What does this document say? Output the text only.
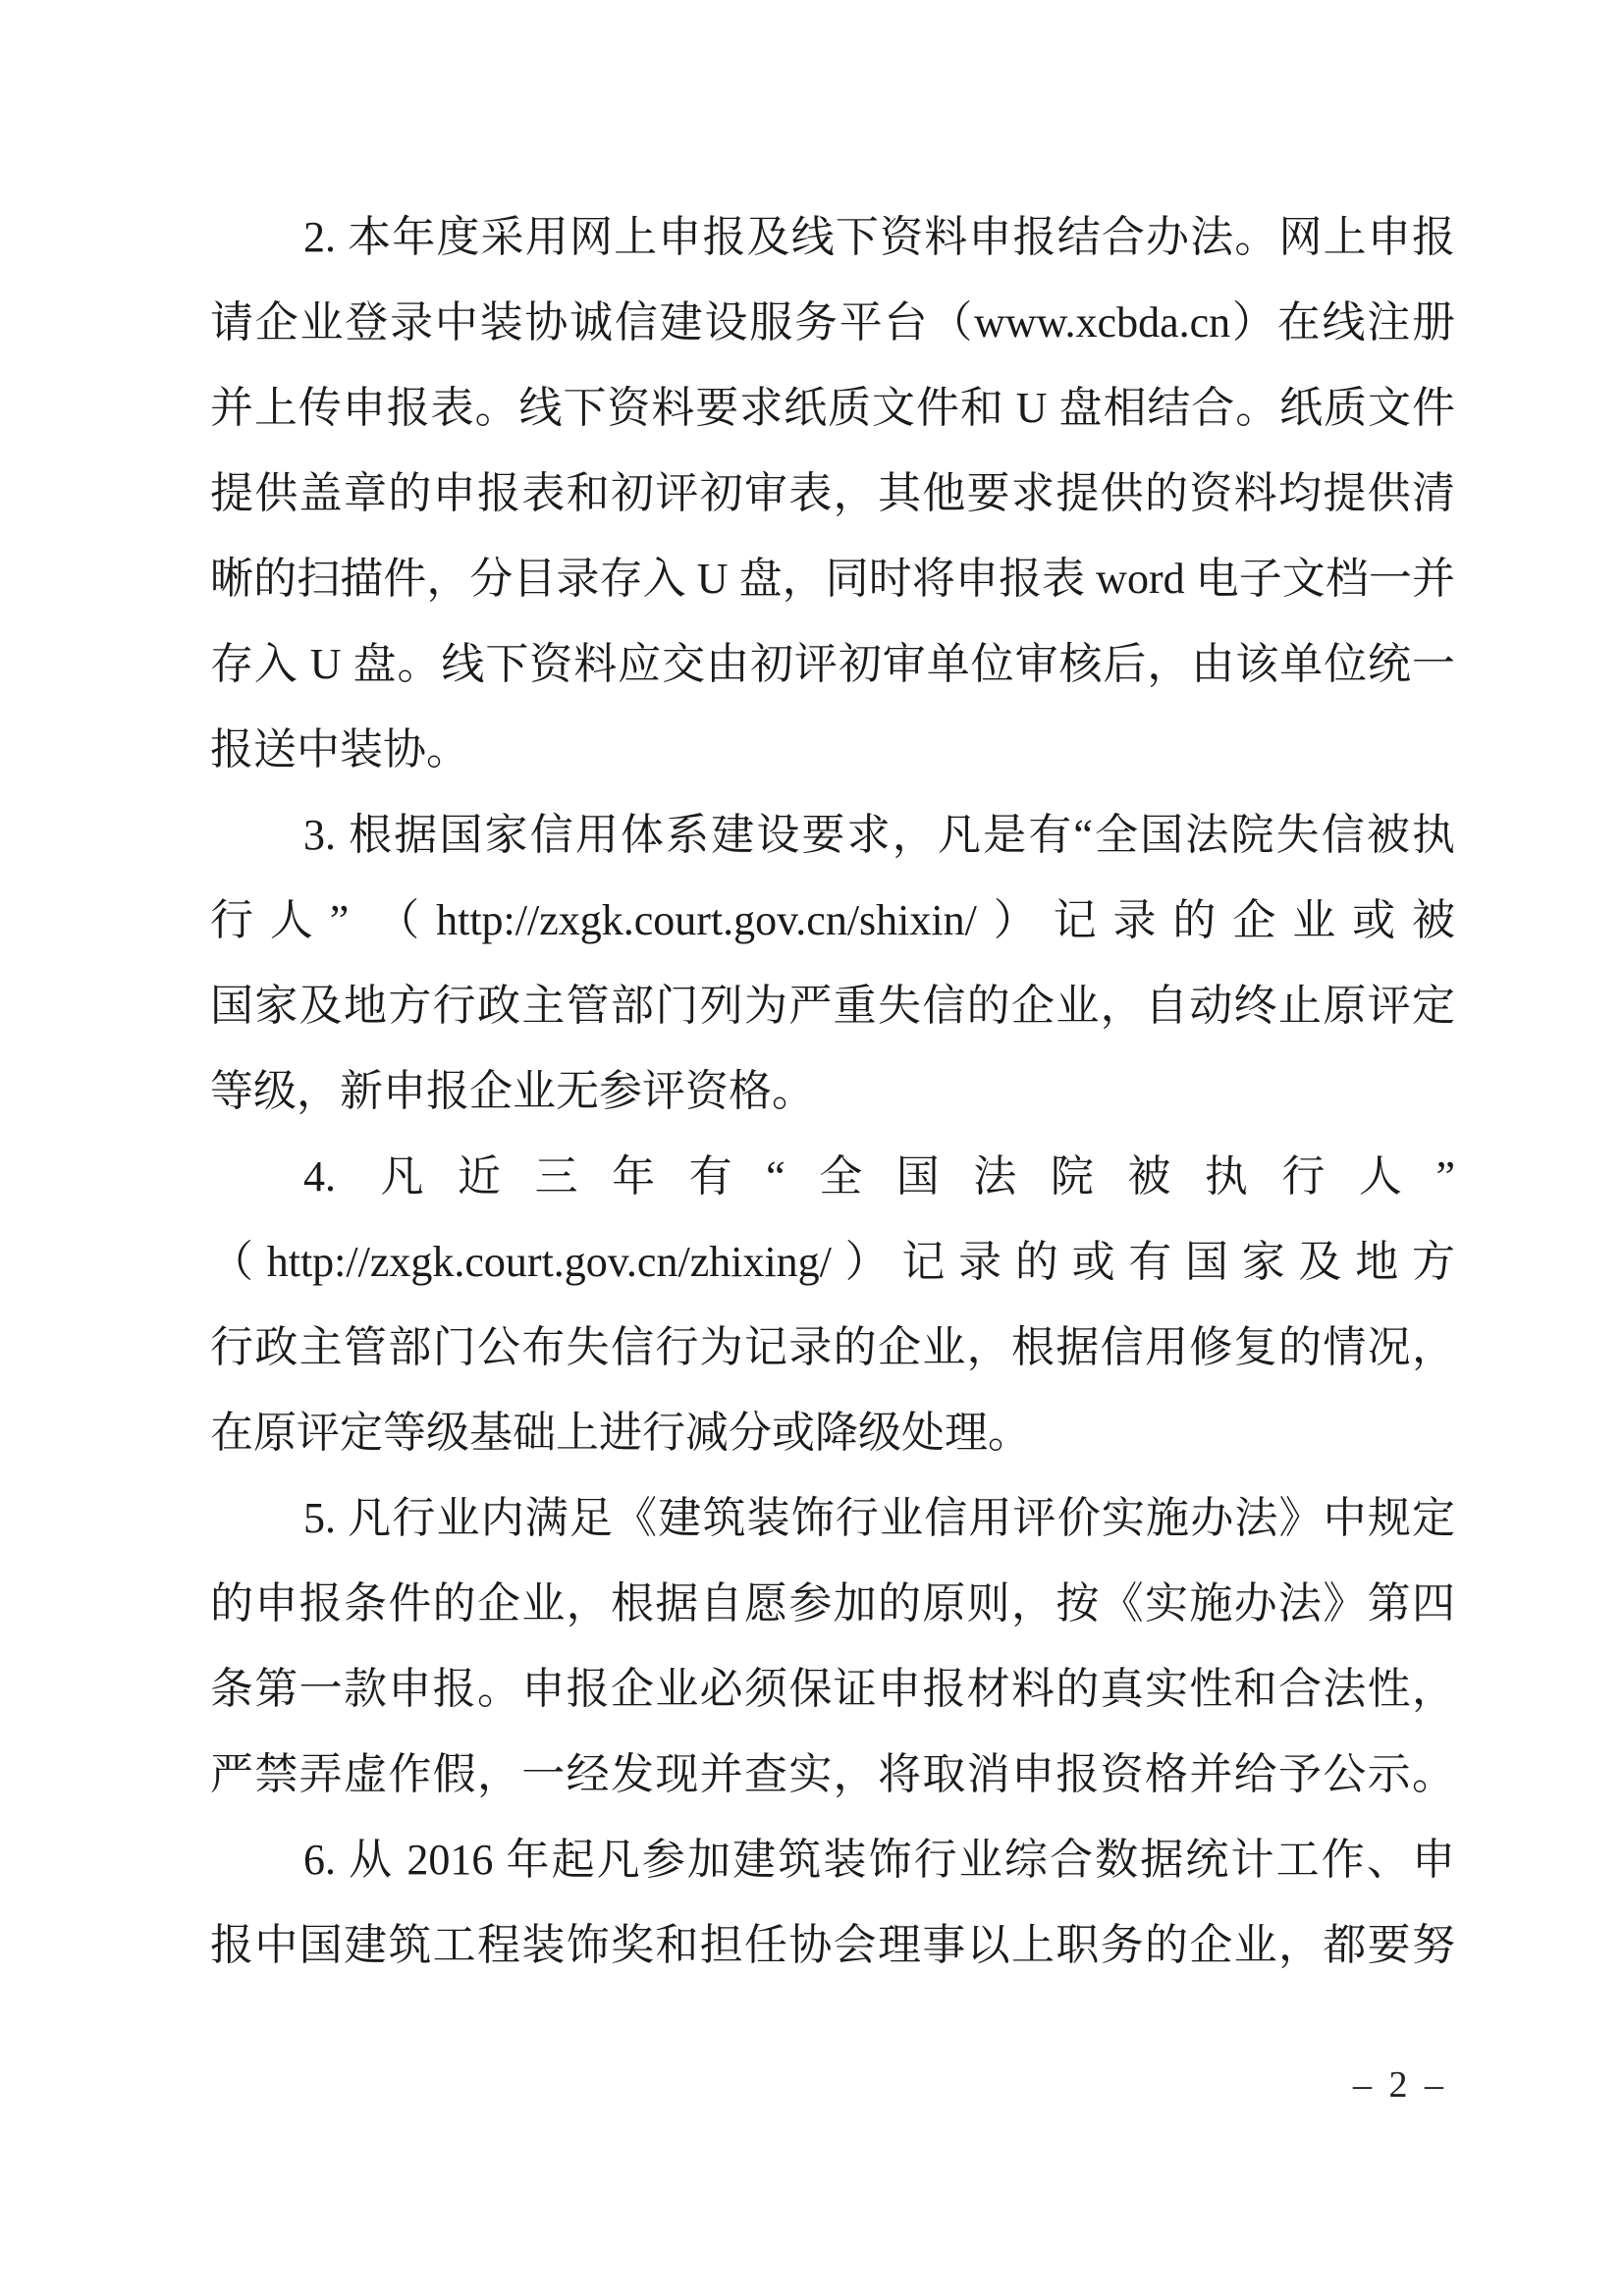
2. 本年度采用网上申报及线下资料申报结合办法。网上申报
请企业登录中装协诚信建设服务平台（www.xcbda.cn）在线注册
并上传申报表。线下资料要求纸质文件和 U 盘相结合。纸质文件
提供盖章的申报表和初评初审表，其他要求提供的资料均提供清
晰的扫描件，分目录存入 U 盘，同时将申报表 word 电子文档一并
存入 U 盘。线下资料应交由初评初审单位审核后，由该单位统一
报送中装协。
3. 根据国家信用体系建设要求，凡是有“全国法院失信被执
行人” （http://zxgk.court.gov.cn/shixin/）记录的企业或被
国家及地方行政主管部门列为严重失信的企业，自动终止原评定
等级，新申报企业无参评资格。
4. 凡近三年有“全国法院被执行人”
（http://zxgk.court.gov.cn/zhixing/）记录的或有国家及地方
行政主管部门公布失信行为记录的企业，根据信用修复的情况，
在原评定等级基础上进行减分或降级处理。
5. 凡行业内满足《建筑装饰行业信用评价实施办法》中规定
的申报条件的企业，根据自愿参加的原则，按《实施办法》第四
条第一款申报。申报企业必须保证申报材料的真实性和合法性，
严禁弄虚作假，一经发现并查实，将取消申报资格并给予公示。
6. 从 2016 年起凡参加建筑装饰行业综合数据统计工作、申
报中国建筑工程装饰奖和担任协会理事以上职务的企业，都要努
– 2 –
